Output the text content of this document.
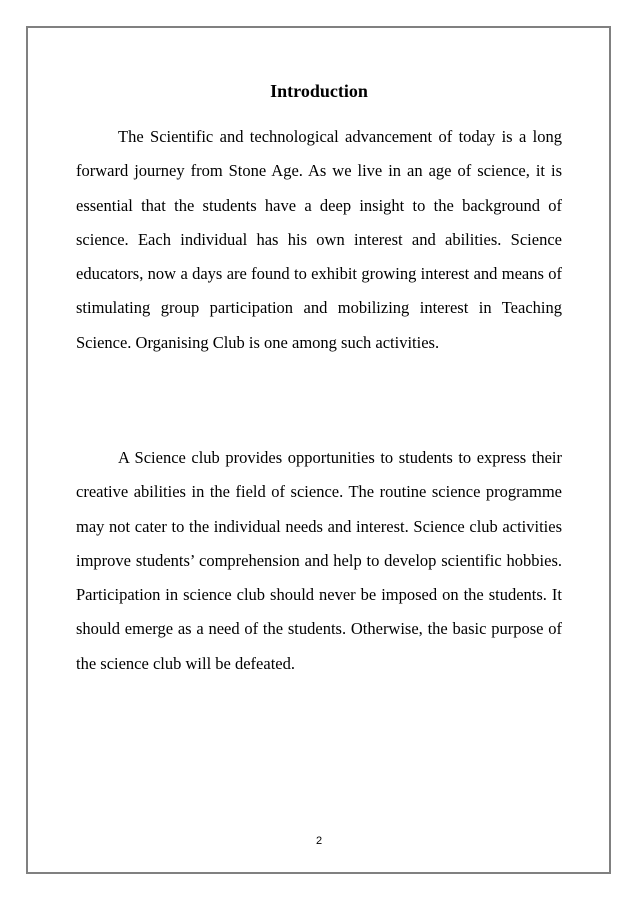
Introduction

The Scientific and technological advancement of today is a long forward journey from Stone Age. As we live in an age of science, it is essential that the students have a deep insight to the background of science. Each individual has his own interest and abilities. Science educators, now a days are found to exhibit growing interest and means of stimulating group participation and mobilizing interest in Teaching Science. Organising Club is one among such activities.

A Science club provides opportunities to students to express their creative abilities in the field of science. The routine science programme may not cater to the individual needs and interest. Science club activities improve students’ comprehension and help to develop scientific hobbies. Participation in science club should never be imposed on the students. It should emerge as a need of the students. Otherwise, the basic purpose of the science club will be defeated.

2
